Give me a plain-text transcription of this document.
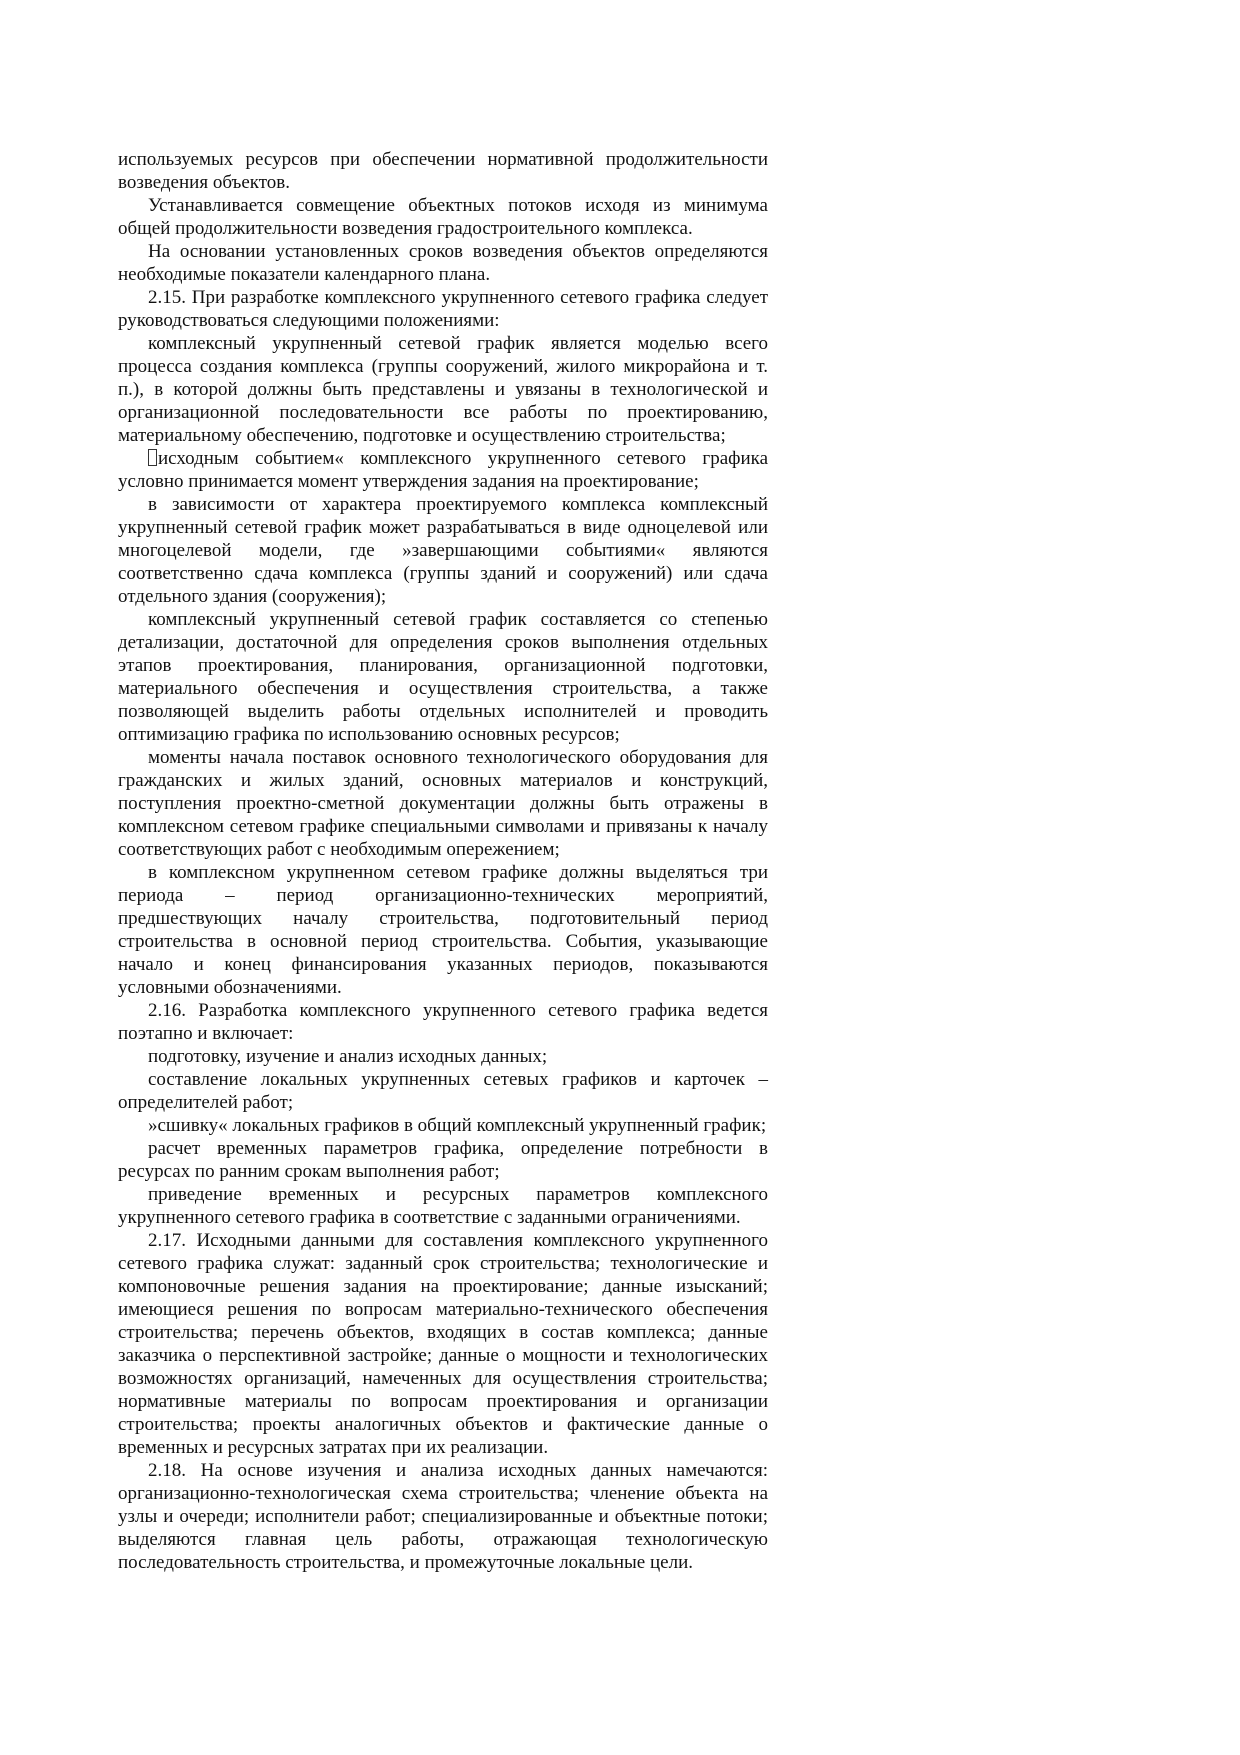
используемых ресурсов при обеспечении нормативной продолжительности возведения объектов.

Устанавливается совмещение объектных потоков исходя из минимума общей продолжительности возведения градостроительного комплекса.

На основании установленных сроков возведения объектов определяются необходимые показатели календарного плана.

2.15. При разработке комплексного укрупненного сетевого графика следует руководствоваться следующими положениями:

комплексный укрупненный сетевой график является моделью всего процесса создания комплекса (группы сооружений, жилого микрорайона и т. п.), в которой должны быть представлены и увязаны в технологической и организационной последовательности все работы по проектированию, материальному обеспечению, подготовке и осуществлению строительства;

исходным событием« комплексного укрупненного сетевого графика условно принимается момент утверждения задания на проектирование;

в зависимости от характера проектируемого комплекса комплексный укрупненный сетевой график может разрабатываться в виде одноцелевой или многоцелевой модели, где »завершающими событиями« являются соответственно сдача комплекса (группы зданий и сооружений) или сдача отдельного здания (сооружения);

комплексный укрупненный сетевой график составляется со степенью детализации, достаточной для определения сроков выполнения отдельных этапов проектирования, планирования, организационной подготовки, материального обеспечения и осуществления строительства, а также позволяющей выделить работы отдельных исполнителей и проводить оптимизацию графика по использованию основных ресурсов;

моменты начала поставок основного технологического оборудования для гражданских и жилых зданий, основных материалов и конструкций, поступления проектно-сметной документации должны быть отражены в комплексном сетевом графике специальными символами и привязаны к началу соответствующих работ с необходимым опережением;

в комплексном укрупненном сетевом графике должны выделяться три периода – период организационно-технических мероприятий, предшествующих началу строительства, подготовительный период строительства в основной период строительства. События, указывающие начало и конец финансирования указанных периодов, показываются условными обозначениями.

2.16. Разработка комплексного укрупненного сетевого графика ведется поэтапно и включает:

подготовку, изучение и анализ исходных данных;

составление локальных укрупненных сетевых графиков и карточек – определителей работ;

»сшивку« локальных графиков в общий комплексный укрупненный график;

расчет временных параметров графика, определение потребности в ресурсах по ранним срокам выполнения работ;

приведение временных и ресурсных параметров комплексного укрупненного сетевого графика в соответствие с заданными ограничениями.

2.17. Исходными данными для составления комплексного укрупненного сетевого графика служат: заданный срок строительства; технологические и компоновочные решения задания на проектирование; данные изысканий; имеющиеся решения по вопросам материально-технического обеспечения строительства; перечень объектов, входящих в состав комплекса; данные заказчика о перспективной застройке; данные о мощности и технологических возможностях организаций, намеченных для осуществления строительства; нормативные материалы по вопросам проектирования и организации строительства; проекты аналогичных объектов и фактические данные о временных и ресурсных затратах при их реализации.

2.18. На основе изучения и анализа исходных данных намечаются: организационно-технологическая схема строительства; членение объекта на узлы и очереди; исполнители работ; специализированные и объектные потоки; выделяются главная цель работы, отражающая технологическую последовательность строительства, и промежуточные локальные цели.
